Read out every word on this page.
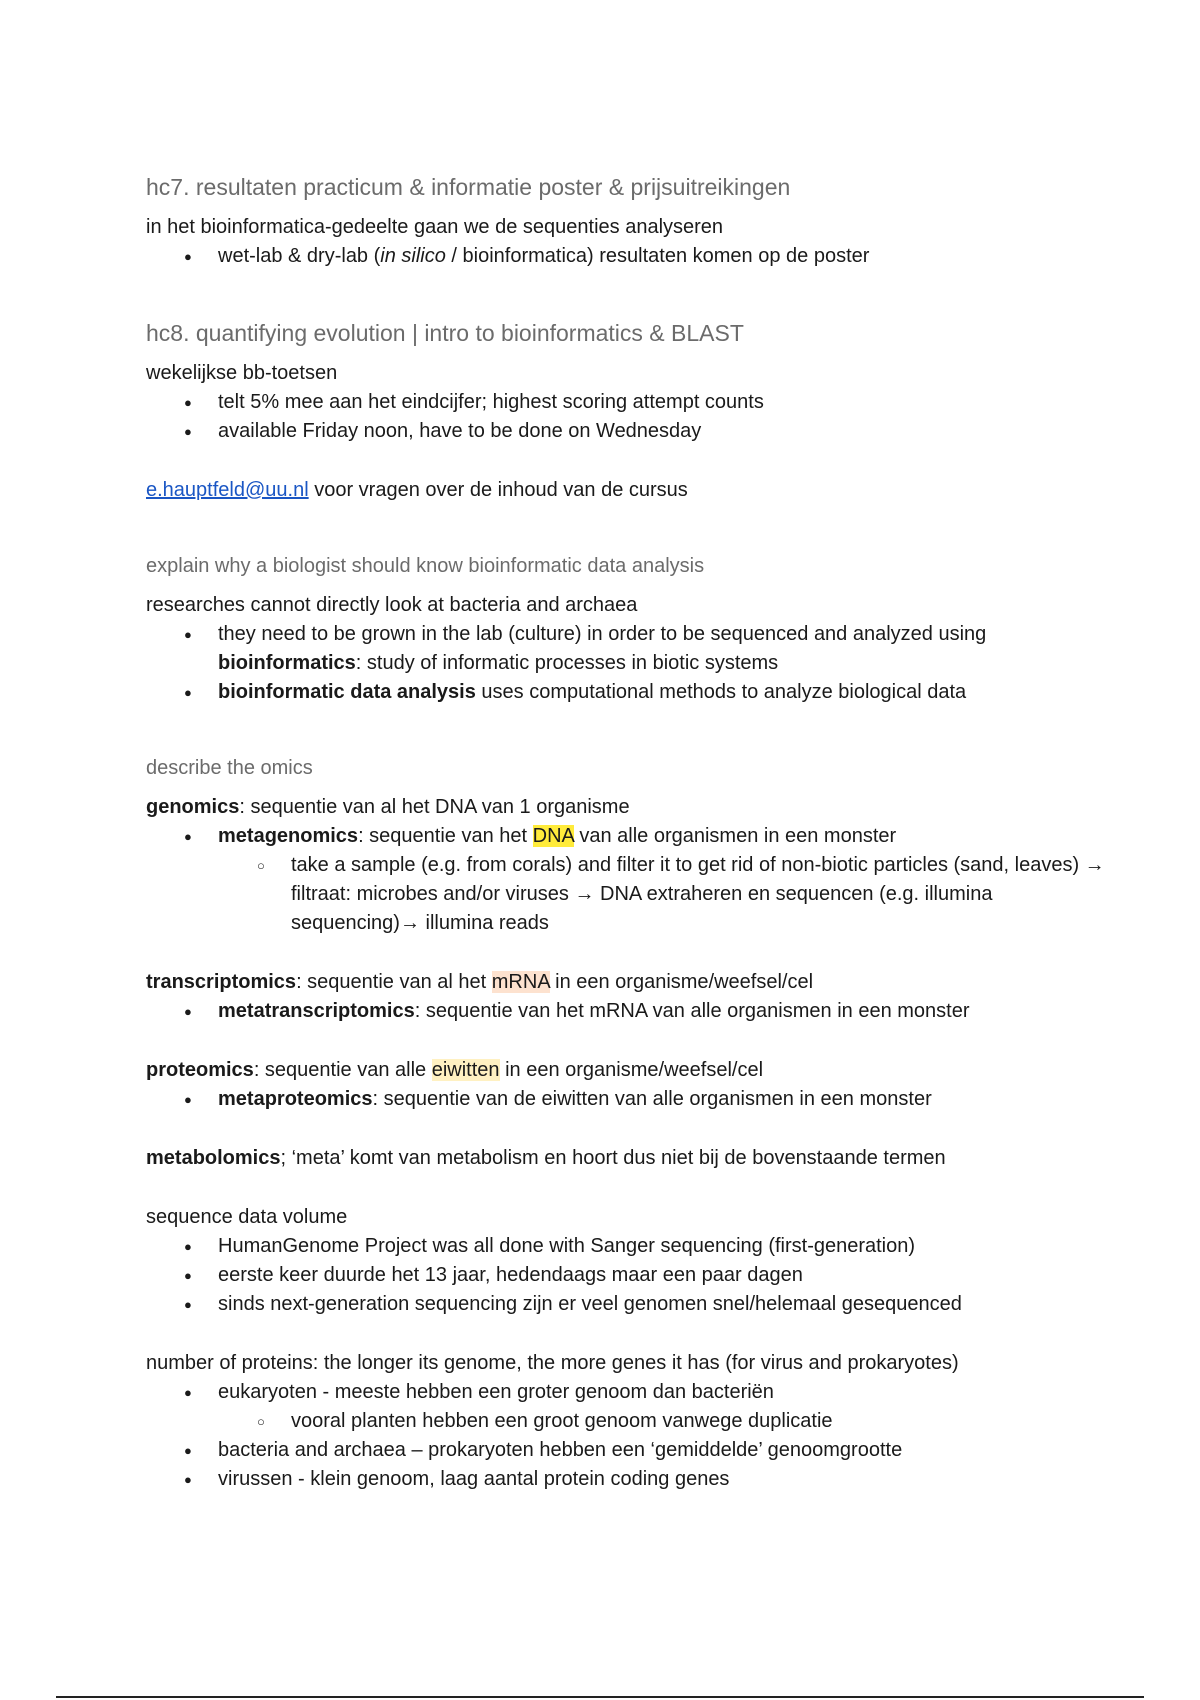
hc7. resultaten practicum & informatie poster & prijsuitreikingen

in het bioinformatica-gedeelte gaan we de sequenties analyseren

● wet-lab & dry-lab (in silico / bioinformatica) resultaten komen op de poster
hc8. quantifying evolution | intro to bioinformatics & BLAST

wekelijkse bb-toetsen

● telt 5% mee aan het eindcijfer; highest scoring attempt counts
● available Friday noon, have to be done on Wednesday

e.hauptfeld@uu.nl voor vragen over de inhoud van de cursus

explain why a biologist should know bioinformatic data analysis

researches cannot directly look at bacteria and archaea

● they need to be grown in the lab (culture) in order to be sequenced and analyzed using bioinformatics: study of informatic processes in biotic systems
● bioinformatic data analysis uses computational methods to analyze biological data
describe the omics

genomics: sequentie van al het DNA van 1 organisme

● metagenomics: sequentie van het DNA van alle organismen in een monster
○ take a sample (e.g. from corals) and filter it to get rid of non-biotic particles (sand, leaves) → filtraat: microbes and/or viruses → DNA extraheren en sequencen (e.g. illumina sequencing)→ illumina reads

transcriptomics: sequentie van al het mRNA in een organisme/weefsel/cel

● metatranscriptomics: sequentie van het mRNA van alle organismen in een monster

proteomics: sequentie van alle eiwitten in een organisme/weefsel/cel

● metaproteomics: sequentie van de eiwitten van alle organismen in een monster

metabolomics; ‘meta’ komt van metabolism en hoort dus niet bij de bovenstaande termen

sequence data volume

● HumanGenome Project was all done with Sanger sequencing (first-generation)
● eerste keer duurde het 13 jaar, hedendaags maar een paar dagen
● sinds next-generation sequencing zijn er veel genomen snel/helemaal gesequenced

number of proteins: the longer its genome, the more genes it has (for virus and prokaryotes)

● eukaryoten - meeste hebben een groter genoom dan bacteriën
○ vooral planten hebben een groot genoom vanwege duplicatie
● bacteria and archaea – prokaryoten hebben een ‘gemiddelde’ genoomgrootte
● virussen - klein genoom, laag aantal protein coding genes
